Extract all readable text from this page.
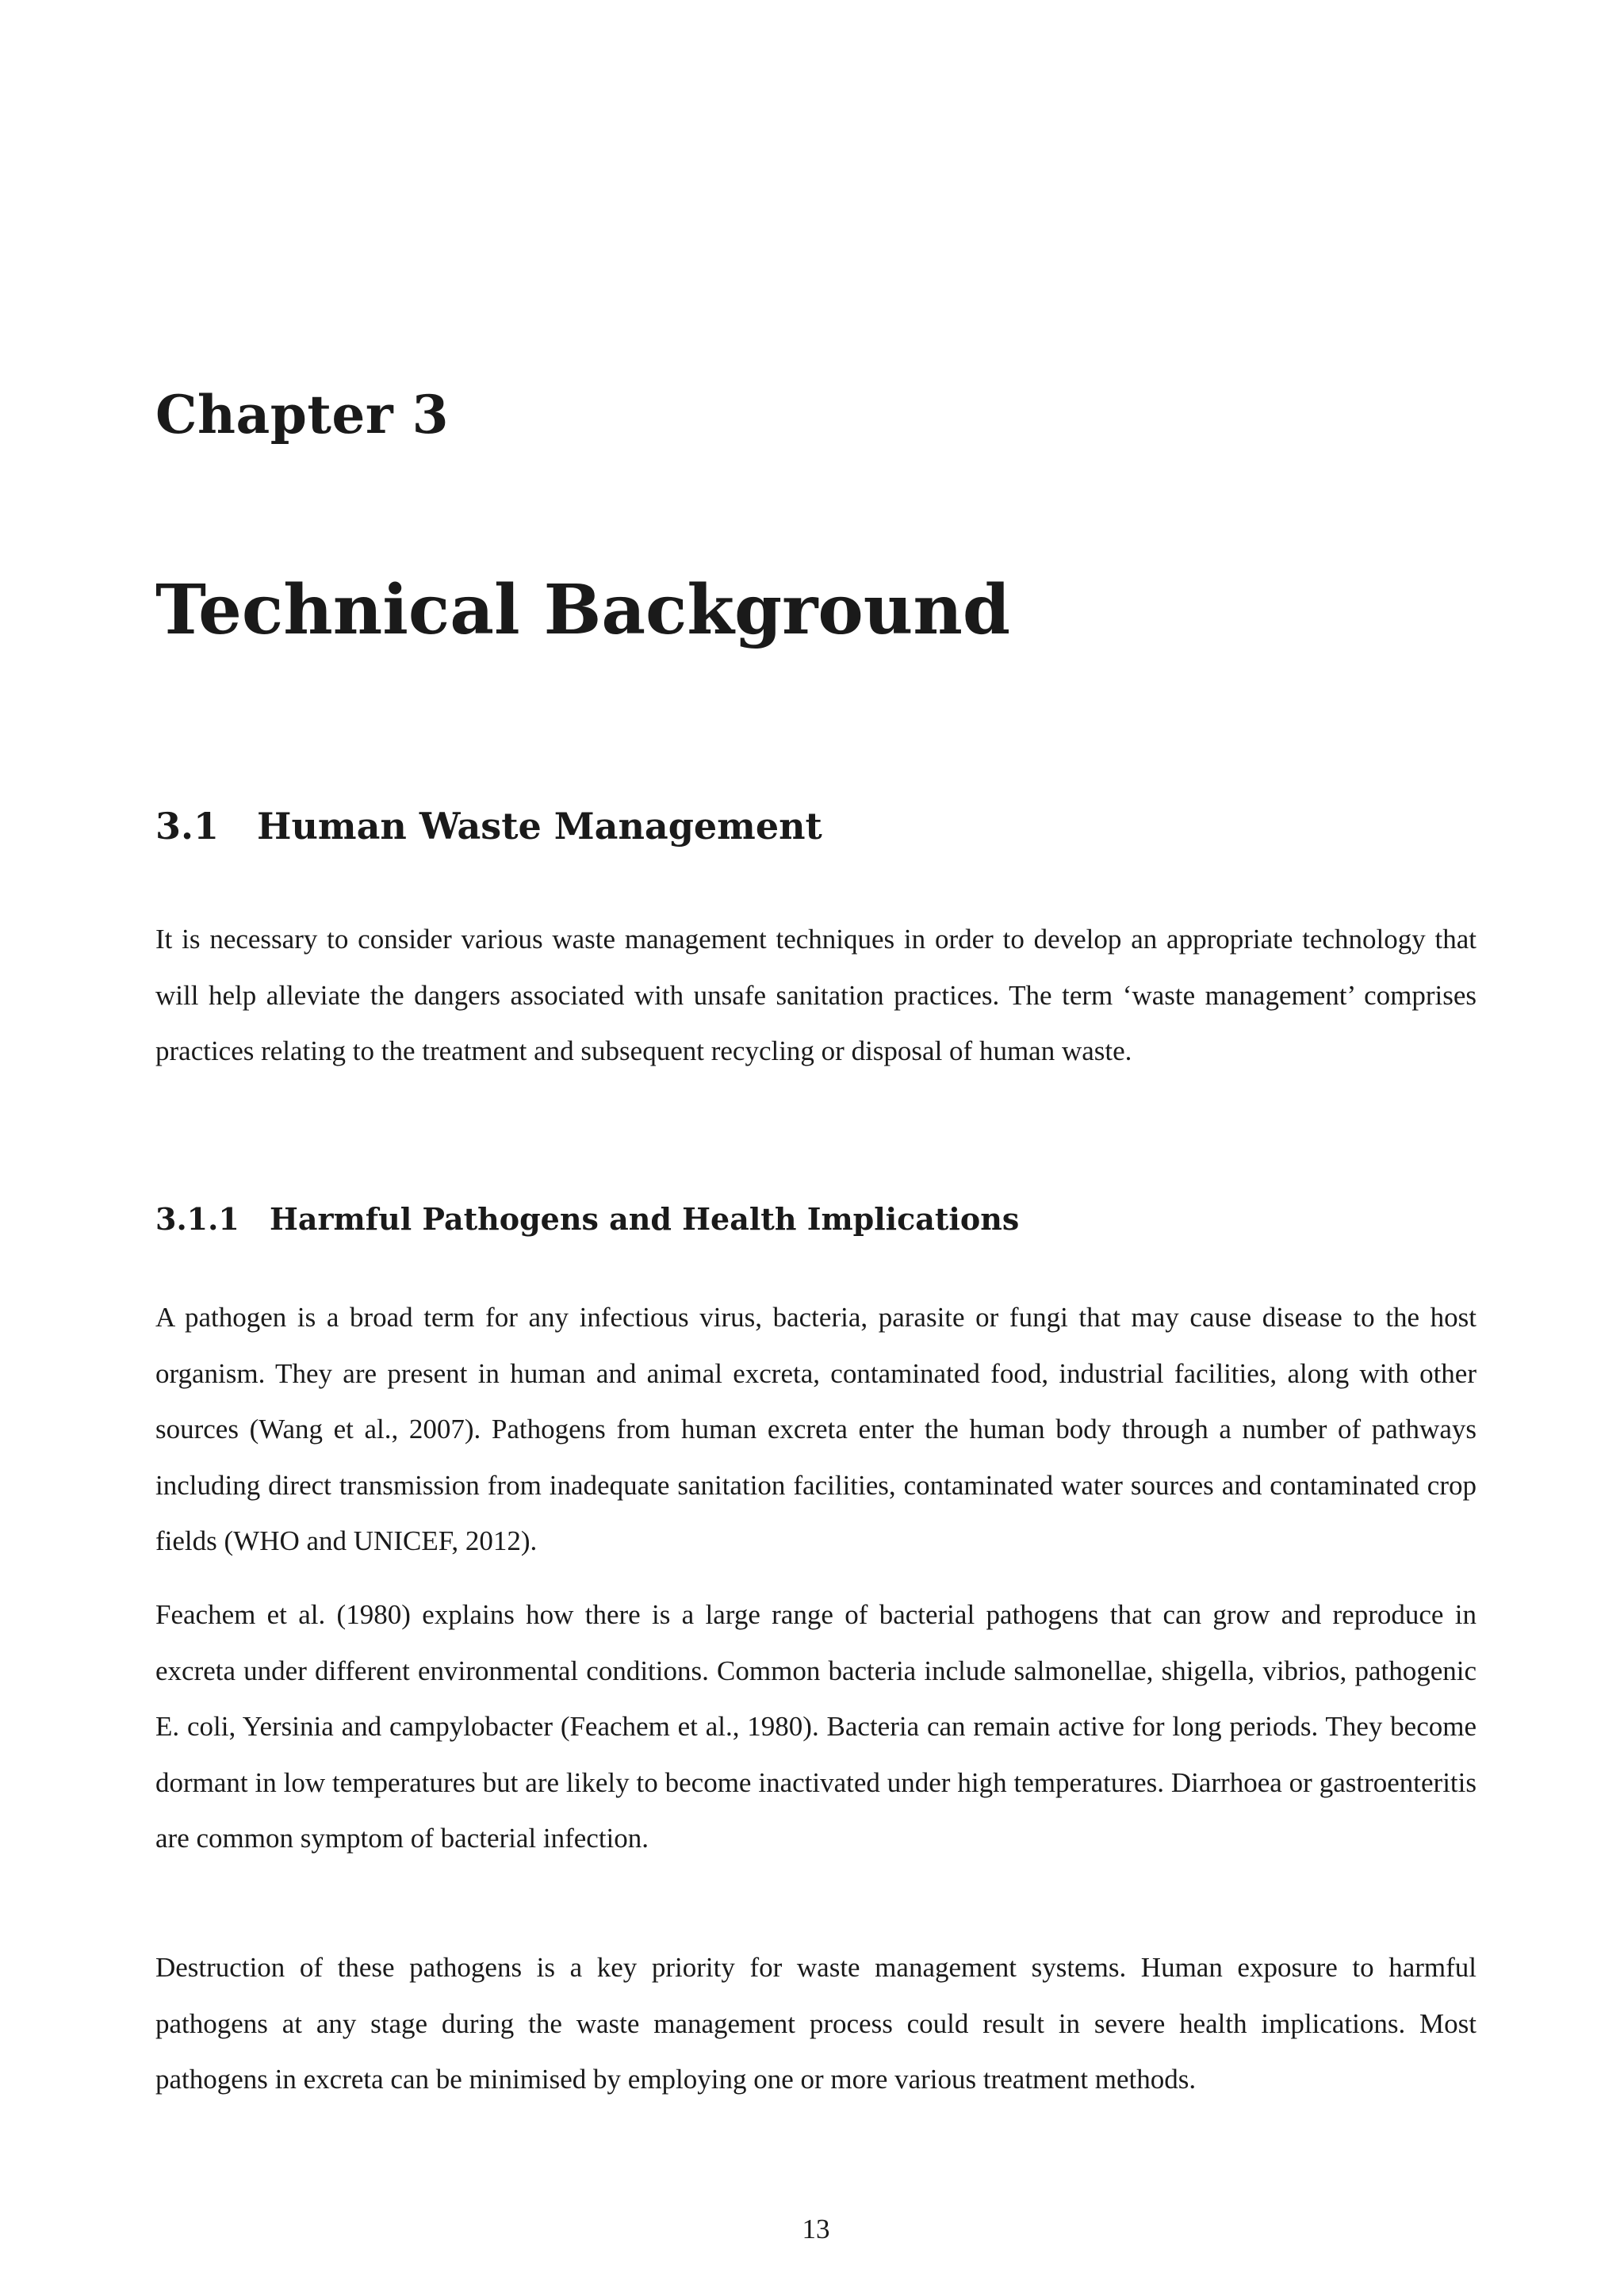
Chapter 3
Technical Background
3.1 Human Waste Management

It is necessary to consider various waste management techniques in order to develop an appropriate technology that will help alleviate the dangers associated with unsafe sanitation practices. The term ‘waste management’ comprises practices relating to the treatment and subsequent recycling or disposal of human waste.

3.1.1 Harmful Pathogens and Health Implications

A pathogen is a broad term for any infectious virus, bacteria, parasite or fungi that may cause disease to the host organism. They are present in human and animal excreta, contaminated food, industrial facilities, along with other sources (Wang et al., 2007). Pathogens from human excreta enter the human body through a number of pathways including direct transmission from inadequate sanitation facilities, contaminated water sources and contaminated crop fields (WHO and UNICEF, 2012).

Feachem et al. (1980) explains how there is a large range of bacterial pathogens that can grow and reproduce in excreta under different environmental conditions. Common bacteria include salmonellae, shigella, vibrios, pathogenic E. coli, Yersinia and campylobacter (Feachem et al., 1980). Bacteria can remain active for long periods. They become dormant in low temperatures but are likely to become inactivated under high temperatures. Diarrhoea or gastroenteritis are common symptom of bacterial infection.

Destruction of these pathogens is a key priority for waste management systems. Human exposure to harmful pathogens at any stage during the waste management process could result in severe health implications. Most pathogens in excreta can be minimised by employing one or more various treatment methods.

13
